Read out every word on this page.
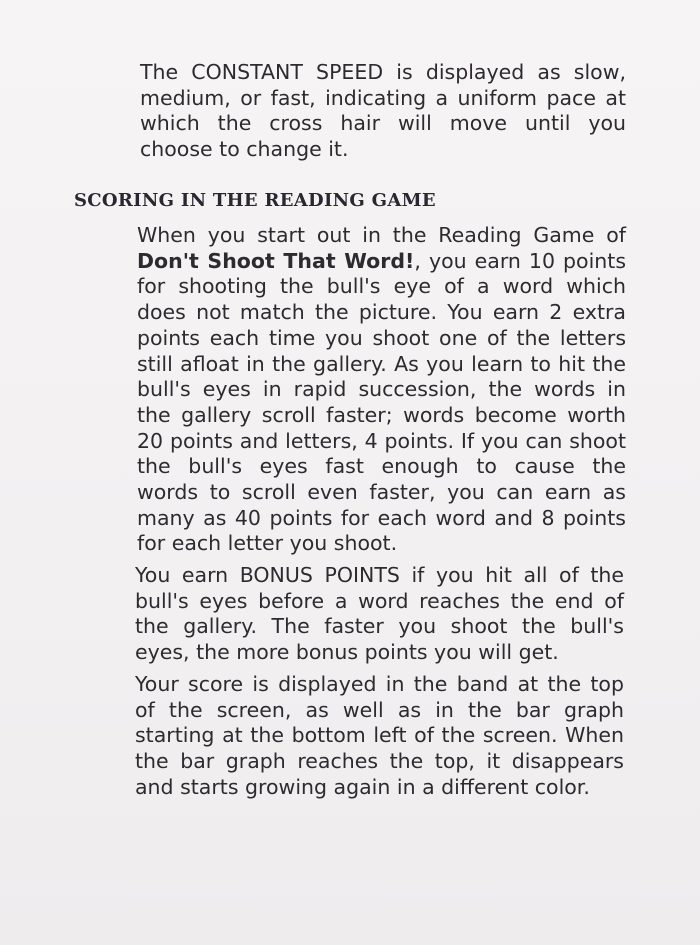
The CONSTANT SPEED is displayed as slow,
medium, or fast, indicating a uniform pace at
which the cross hair will move until you
choose to change it.
SCORING IN THE READING GAME
When you start out in the Reading Game of
Don't Shoot That Word!, you earn 10 points
for shooting the bull's eye of a word which
does not match the picture. You earn 2 extra
points each time you shoot one of the letters
still afloat in the gallery. As you learn to hit the
bull's eyes in rapid succession, the words in
the gallery scroll faster; words become worth
20 points and letters, 4 points. If you can shoot
the bull's eyes fast enough to cause the
words to scroll even faster, you can earn as
many as 40 points for each word and 8 points
for each letter you shoot.
You earn BONUS POINTS if you hit all of the
bull's eyes before a word reaches the end of
the gallery. The faster you shoot the bull's
eyes, the more bonus points you will get.
Your score is displayed in the band at the top
of the screen, as well as in the bar graph
starting at the bottom left of the screen. When
the bar graph reaches the top, it disappears
and starts growing again in a different color.
